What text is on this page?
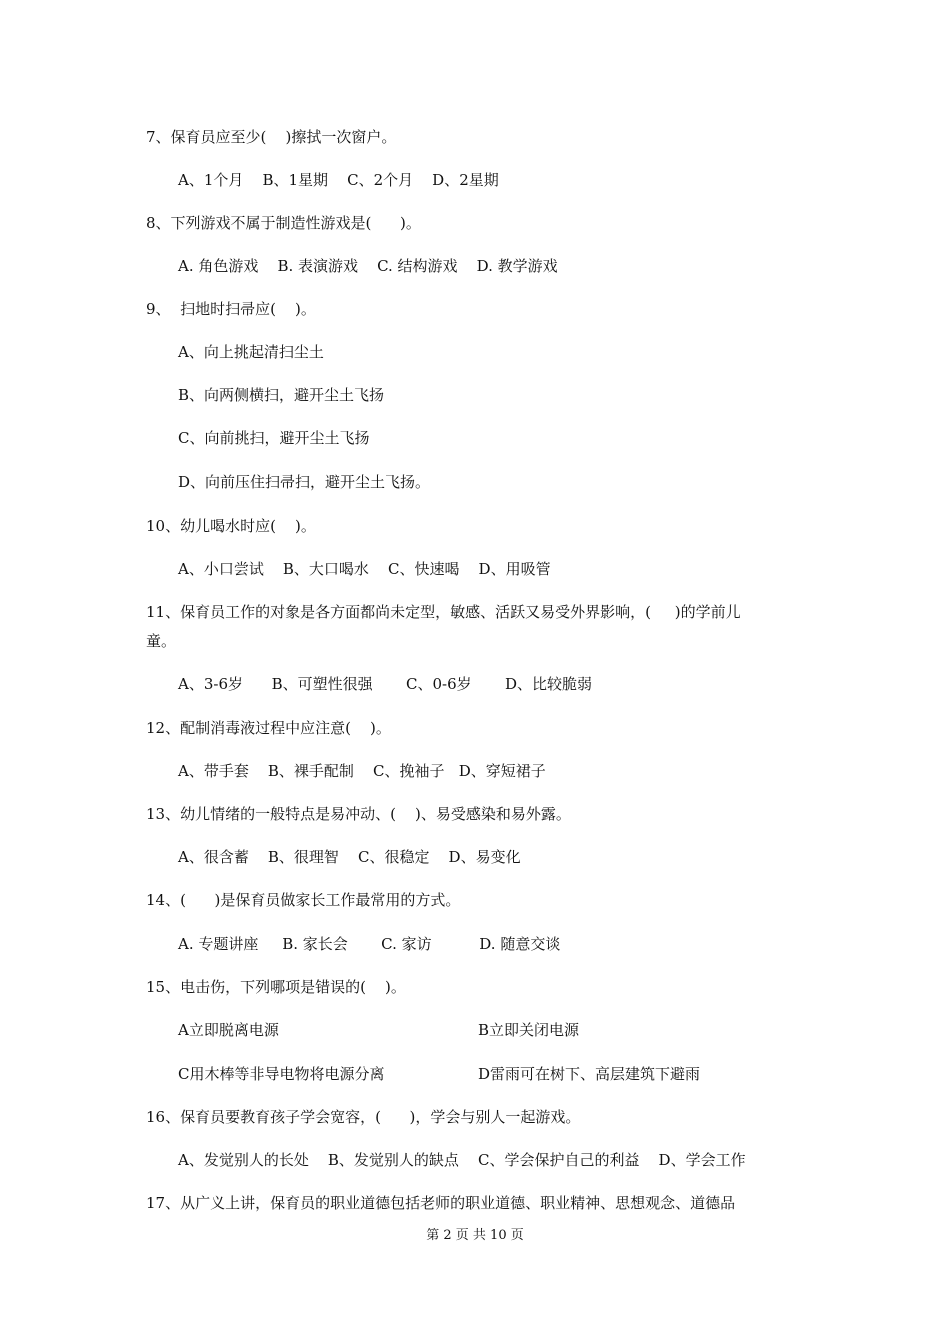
7、保育员应至少(    )擦拭一次窗户。
A、1个月    B、1星期    C、2个月    D、2星期
8、下列游戏不属于制造性游戏是(      )。
A. 角色游戏    B. 表演游戏    C. 结构游戏    D. 教学游戏
9、  扫地时扫帚应(    )。
A、向上挑起清扫尘土
B、向两侧横扫，避开尘土飞扬
C、向前挑扫，避开尘土飞扬
D、向前压住扫帚扫，避开尘土飞扬。
10、幼儿喝水时应(    )。
A、小口尝试    B、大口喝水    C、快速喝    D、用吸管
11、保育员工作的对象是各方面都尚未定型，敏感、活跃又易受外界影响，(     )的学前儿
童。
A、3-6岁      B、可塑性很强       C、0-6岁       D、比较脆弱
12、配制消毒液过程中应注意(    )。
A、带手套    B、裸手配制    C、挽袖子   D、穿短裙子
13、幼儿情绪的一般特点是易冲动、(    )、易受感染和易外露。
A、很含蓄    B、很理智    C、很稳定    D、易变化
14、(      )是保育员做家长工作最常用的方式。
A. 专题讲座     B. 家长会       C. 家访          D. 随意交谈
15、电击伤，下列哪项是错误的(    )。
A立即脱离电源	B立即关闭电源
C用木棒等非导电物将电源分离	D雷雨可在树下、高层建筑下避雨
16、保育员要教育孩子学会宽容，(      )，学会与别人一起游戏。
A、发觉别人的长处    B、发觉别人的缺点    C、学会保护自己的利益    D、学会工作
17、从广义上讲，保育员的职业道德包括老师的职业道德、职业精神、思想观念、道德品
第 2 页 共 10 页
